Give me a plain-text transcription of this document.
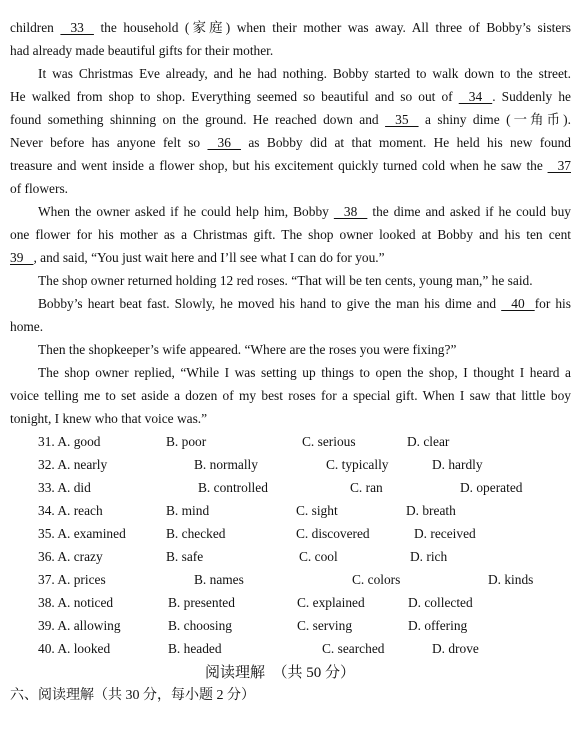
children    33    the household (家庭) when their mother was away. All three of Bobby’s sisters
had already made beautiful gifts for their mother.
It was Christmas Eve already, and he had nothing. Bobby started to walk down to the street.
He walked from shop to shop. Everything seemed so beautiful and so out of    34   . Suddenly he
found something shinning on the ground. He reached down and    35    a shiny dime (一角币).
Never before has anyone felt so    36    as Bobby did at that moment. He held his new found
treasure and went inside a flower shop, but his excitement quickly turned cold when he saw the    37
of flowers.
When the owner asked if he could help him, Bobby    38    the dime and asked if he could buy
one flower for his mother as a Christmas gift. The shop owner looked at Bobby and his ten cent
39   , and said, “You just wait here and I’ll see what I can do for you.”
The shop owner returned holding 12 red roses. “That will be ten cents, young man,” he said.
Bobby’s heart beat fast. Slowly, he moved his hand to give the man his dime and    40   for his
home.
Then the shopkeeper’s wife appeared. “Where are the roses you were fixing?”
The shop owner replied, “While I was setting up things to open the shop, I thought I heard a
voice telling me to set aside a dozen of my best roses for a special gift. When I saw that little boy
tonight, I knew who that voice was.”
31. A. good	B. poor	C. serious	D. clear
32. A. nearly	B. normally	C. typically	D. hardly
33. A. did	B. controlled	C. ran	D. operated
34. A. reach	B. mind	C. sight	D. breath
35. A. examined	B. checked	C. discovered	D. received
36. A. crazy	B. safe	C. cool	D. rich
37. A. prices	B. names	C. colors	D. kinds
38. A. noticed	B. presented	C. explained	D. collected
39. A. allowing	B. choosing	C. serving	D. offering
40. A. looked	B. headed	C. searched	D. drove
阅读理解　（共 50 分）
六、阅读理解（共 30 分，每小题 2 分）
